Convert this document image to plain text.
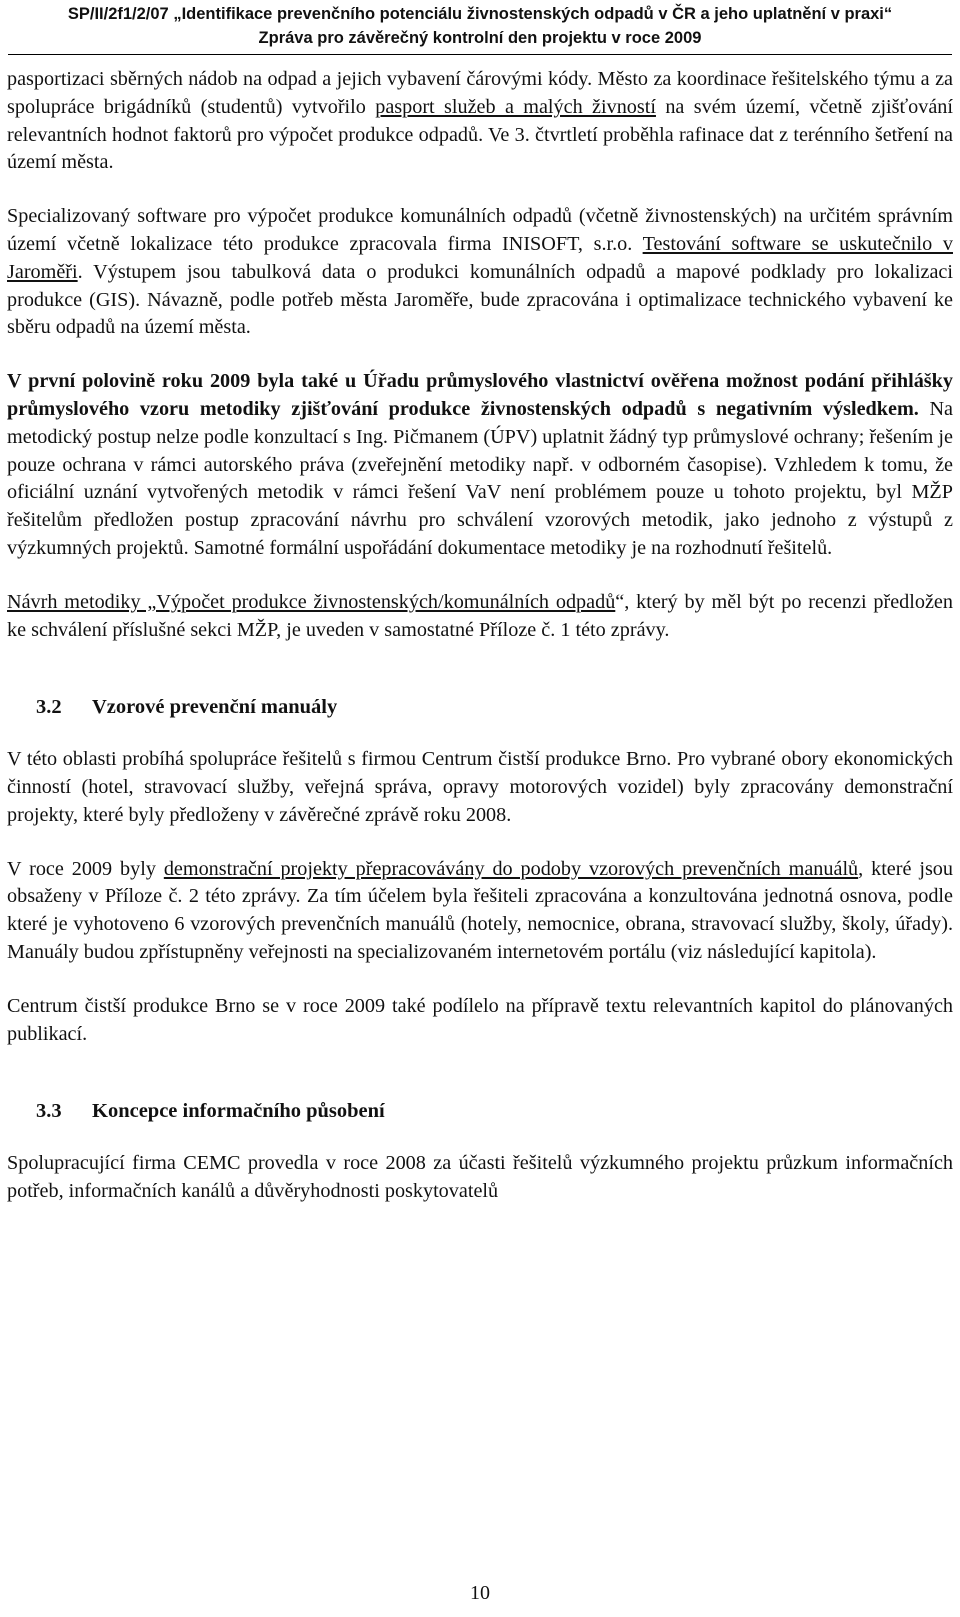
SP/II/2f1/2/07 „Identifikace prevenčního potenciálu živnostenských odpadů v ČR a jeho uplatnění v praxi“
Zpráva pro závěrečný kontrolní den projektu v roce 2009

pasportizaci sběrných nádob na odpad a jejich vybavení čárovými kódy. Město za koordinace řešitelského týmu a za spolupráce brigádníků (studentů) vytvořilo pasport služeb a malých živností na svém území, včetně zjišťování relevantních hodnot faktorů pro výpočet produkce odpadů. Ve 3. čtvrtletí proběhla rafinace dat z terénního šetření na území města.

Specializovaný software pro výpočet produkce komunálních odpadů (včetně živnostenských) na určitém správním území včetně lokalizace této produkce zpracovala firma INISOFT, s.r.o. Testování software se uskutečnilo v Jaroměři. Výstupem jsou tabulková data o produkci komunálních odpadů a mapové podklady pro lokalizaci produkce (GIS). Návazně, podle potřeb města Jaroměře, bude zpracována i optimalizace technického vybavení ke sběru odpadů na území města.

V první polovině roku 2009 byla také u Úřadu průmyslového vlastnictví ověřena možnost podání přihlášky průmyslového vzoru metodiky zjišťování produkce živnostenských odpadů s negativním výsledkem. Na metodický postup nelze podle konzultací s Ing. Pičmanem (ÚPV) uplatnit žádný typ průmyslové ochrany; řešením je pouze ochrana v rámci autorského práva (zveřejnění metodiky např. v odborném časopise). Vzhledem k tomu, že oficiální uznání vytvořených metodik v rámci řešení VaV není problémem pouze u tohoto projektu, byl MŽP řešitelům předložen postup zpracování návrhu pro schválení vzorových metodik, jako jednoho z výstupů z výzkumných projektů. Samotné formální uspořádání dokumentace metodiky je na rozhodnutí řešitelů.

Návrh metodiky „Výpočet produkce živnostenských/komunálních odpadů“, který by měl být po recenzi předložen ke schválení příslušné sekci MŽP, je uveden v samostatné Příloze č. 1 této zprávy.

3.2 Vzorové prevenční manuály

V této oblasti probíhá spolupráce řešitelů s firmou Centrum čistší produkce Brno. Pro vybrané obory ekonomických činností (hotel, stravovací služby, veřejná správa, opravy motorových vozidel) byly zpracovány demonstrační projekty, které byly předloženy v závěrečné zprávě roku 2008.

V roce 2009 byly demonstrační projekty přepracovávány do podoby vzorových prevenčních manuálů, které jsou obsaženy v Příloze č. 2 této zprávy. Za tím účelem byla řešiteli zpracována a konzultována jednotná osnova, podle které je vyhotoveno 6 vzorových prevenčních manuálů (hotely, nemocnice, obrana, stravovací služby, školy, úřady). Manuály budou zpřístupněny veřejnosti na specializovaném internetovém portálu (viz následující kapitola).

Centrum čistší produkce Brno se v roce 2009 také podílelo na přípravě textu relevantních kapitol do plánovaných publikací.

3.3 Koncepce informačního působení

Spolupracující firma CEMC provedla v roce 2008 za účasti řešitelů výzkumného projektu průzkum informačních potřeb, informačních kanálů a důvěryhodnosti poskytovatelů

10
